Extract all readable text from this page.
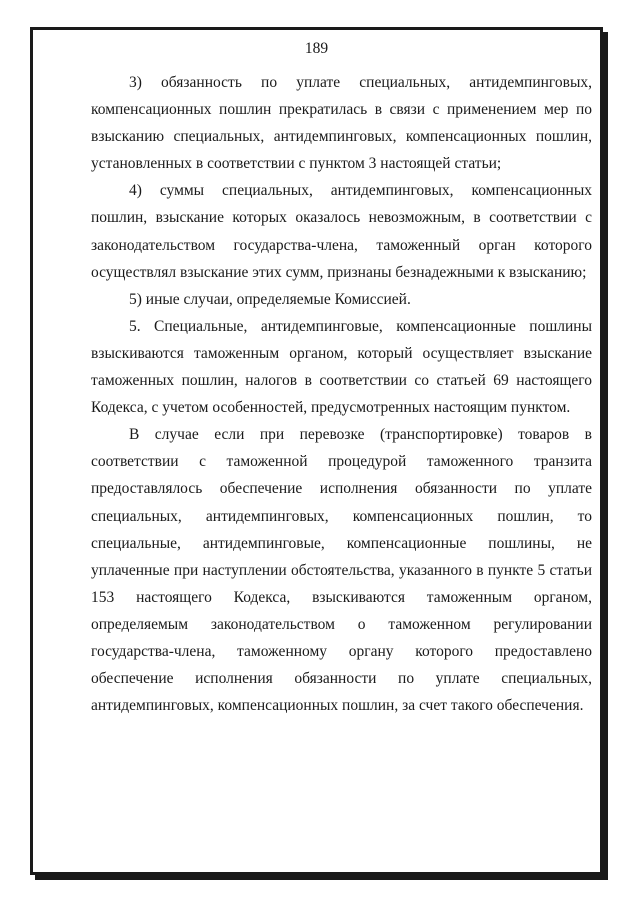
189

3) обязанность по уплате специальных, антидемпинговых, компенсационных пошлин прекратилась в связи с применением мер по взысканию специальных, антидемпинговых, компенсационных пошлин, установленных в соответствии с пунктом 3 настоящей статьи;

4) суммы специальных, антидемпинговых, компенсационных пошлин, взыскание которых оказалось невозможным, в соответствии с законодательством государства-члена, таможенный орган которого осуществлял взыскание этих сумм, признаны безнадежными к взысканию;

5) иные случаи, определяемые Комиссией.

5. Специальные, антидемпинговые, компенсационные пошлины взыскиваются таможенным органом, который осуществляет взыскание таможенных пошлин, налогов в соответствии со статьей 69 настоящего Кодекса, с учетом особенностей, предусмотренных настоящим пунктом.

В случае если при перевозке (транспортировке) товаров в соответствии с таможенной процедурой таможенного транзита предоставлялось обеспечение исполнения обязанности по уплате специальных, антидемпинговых, компенсационных пошлин, то специальные, антидемпинговые, компенсационные пошлины, не уплаченные при наступлении обстоятельства, указанного в пункте 5 статьи 153 настоящего Кодекса, взыскиваются таможенным органом, определяемым законодательством о таможенном регулировании государства-члена, таможенному органу которого предоставлено обеспечение исполнения обязанности по уплате специальных, антидемпинговых, компенсационных пошлин, за счет такого обеспечения.
